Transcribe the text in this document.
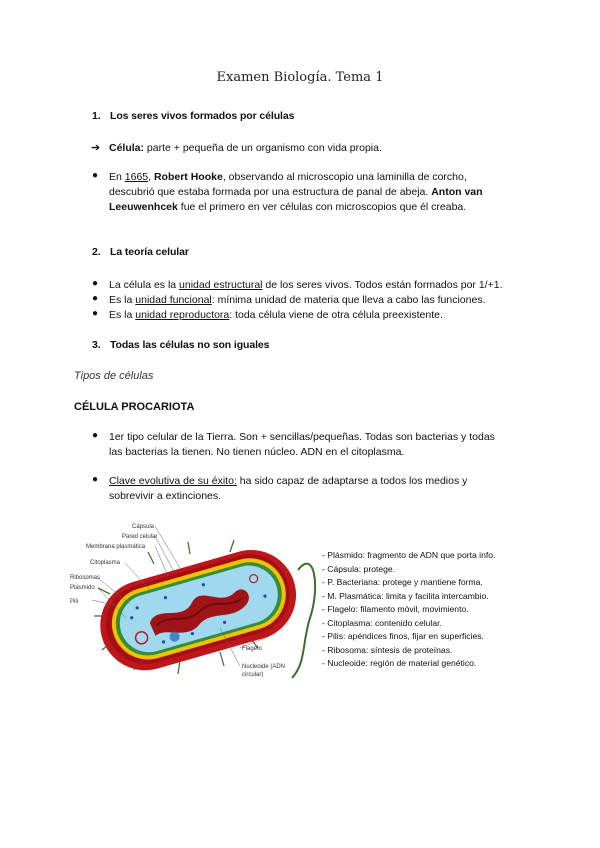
Examen Biología. Tema 1
1. Los seres vivos formados por células
➔ Célula: parte + pequeña de un organismo con vida propia.
● En 1665, Robert Hooke, observando al microscopio una laminilla de corcho,
descubrió que estaba formada por una estructura de panal de abeja. Anton van
Leeuwenhcek fue el primero en ver células con microscopios que él creaba.
2. La teoría celular
● La célula es la unidad estructural de los seres vivos. Todos están formados por 1/+1.
● Es la unidad funcional: mínima unidad de materia que lleva a cabo las funciones.
● Es la unidad reproductora: toda célula viene de otra célula preexistente.
3. Todas las células no son iguales
Tipos de células
CÉLULA PROCARIOTA
● 1er tipo celular de la Tierra. Son + sencillas/pequeñas. Todas son bacterias y todas
las bacterias la tienen. No tienen núcleo. ADN en el citoplasma.
● Clave evolutiva de su éxito: ha sido capaz de adaptarse a todos los medios y
sobrevivir a extinciones.
Cápsula
Pared celular
Membrana plasmática
Citoplasma
Ribosomas
Plásmido
Pili
Flagelo
Nucleoide (ADN
circular)
- Plásmido: fragmento de ADN que porta info.
- Cápsula: protege.
- P. Bacteriana: protege y mantiene forma.
- M. Plasmática: limita y facilita intercambio.
- Flagelo: filamento móvil, movimiento.
- Citoplasma: contenido celular.
- Pilis: apéndices finos, fijar en superficies.
- Ribosoma: síntesis de proteínas.
- Nucleoide: región de material genético.
